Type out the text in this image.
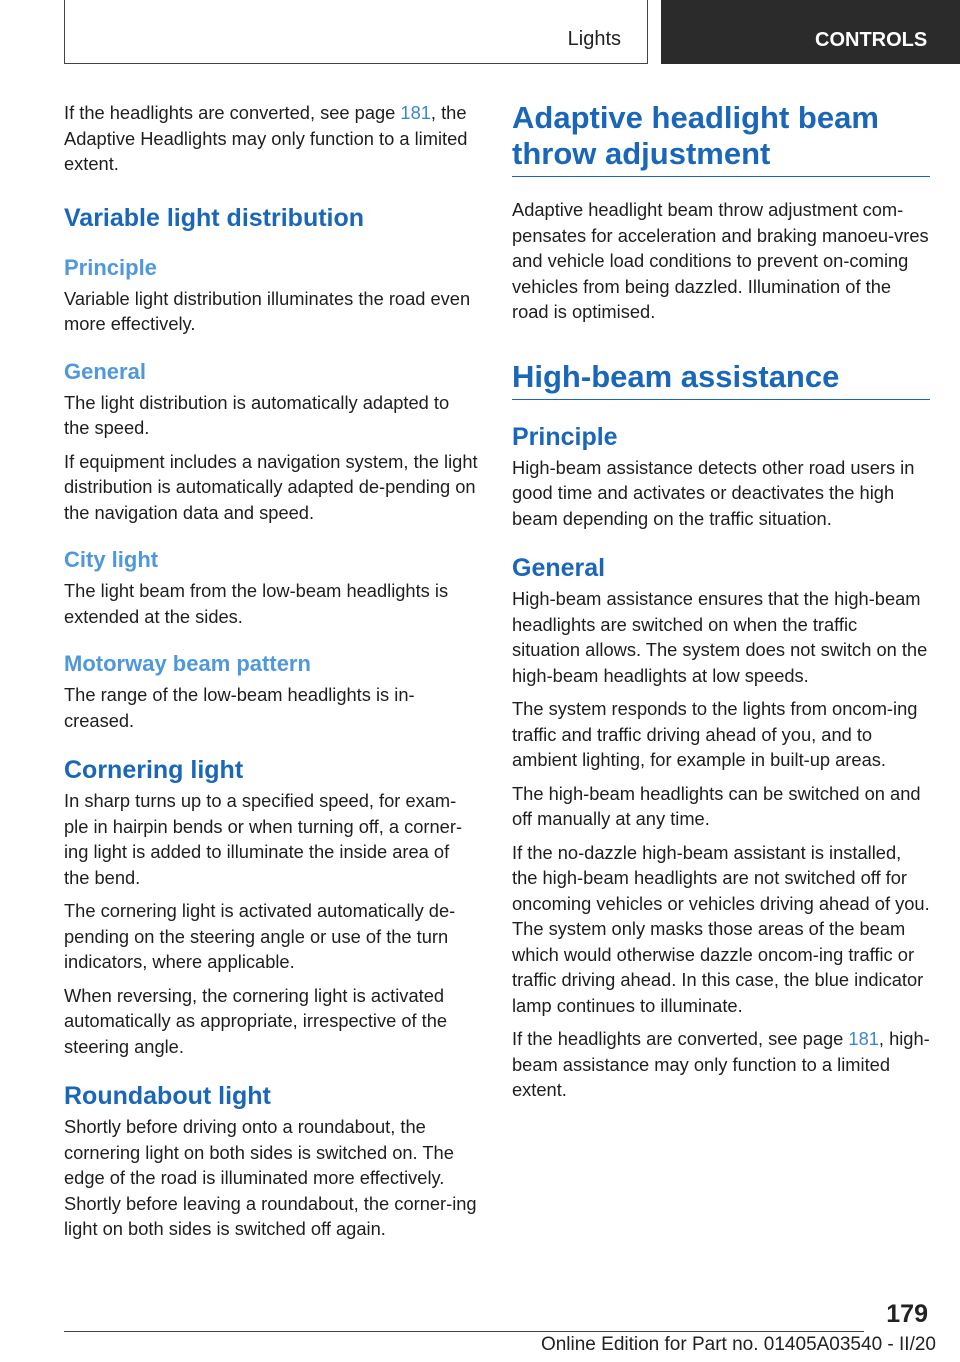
Lights	CONTROLS

If the headlights are converted, see page 181, the Adaptive Headlights may only function to a limited extent.

Variable light distribution
Principle

Variable light distribution illuminates the road even more effectively.

General

The light distribution is automatically adapted to the speed.

If equipment includes a navigation system, the light distribution is automatically adapted de‐pending on the navigation data and speed.

City light

The light beam from the low-beam headlights is extended at the sides.

Motorway beam pattern

The range of the low-beam headlights is in‐creased.

Cornering light

In sharp turns up to a specified speed, for exam‐ple in hairpin bends or when turning off, a corner‐ing light is added to illuminate the inside area of the bend.

The cornering light is activated automatically de‐pending on the steering angle or use of the turn indicators, where applicable.

When reversing, the cornering light is activated automatically as appropriate, irrespective of the steering angle.

Roundabout light

Shortly before driving onto a roundabout, the cornering light on both sides is switched on. The edge of the road is illuminated more effectively. Shortly before leaving a roundabout, the corner‐ing light on both sides is switched off again.

Adaptive headlight beam throw adjustment

Adaptive headlight beam throw adjustment com‐pensates for acceleration and braking manoeu‐vres and vehicle load conditions to prevent on‐coming vehicles from being dazzled. Illumination of the road is optimised.

High-beam assistance
Principle

High-beam assistance detects other road users in good time and activates or deactivates the high beam depending on the traffic situation.

General

High-beam assistance ensures that the high-beam headlights are switched on when the traffic situation allows. The system does not switch on the high-beam headlights at low speeds.

The system responds to the lights from oncom‐ing traffic and traffic driving ahead of you, and to ambient lighting, for example in built-up areas.

The high-beam headlights can be switched on and off manually at any time.

If the no-dazzle high-beam assistant is installed, the high-beam headlights are not switched off for oncoming vehicles or vehicles driving ahead of you. The system only masks those areas of the beam which would otherwise dazzle oncom‐ing traffic or traffic driving ahead. In this case, the blue indicator lamp continues to illuminate.

If the headlights are converted, see page 181, high-beam assistance may only function to a limited extent.

179
Online Edition for Part no. 01405A03540 - II/20
